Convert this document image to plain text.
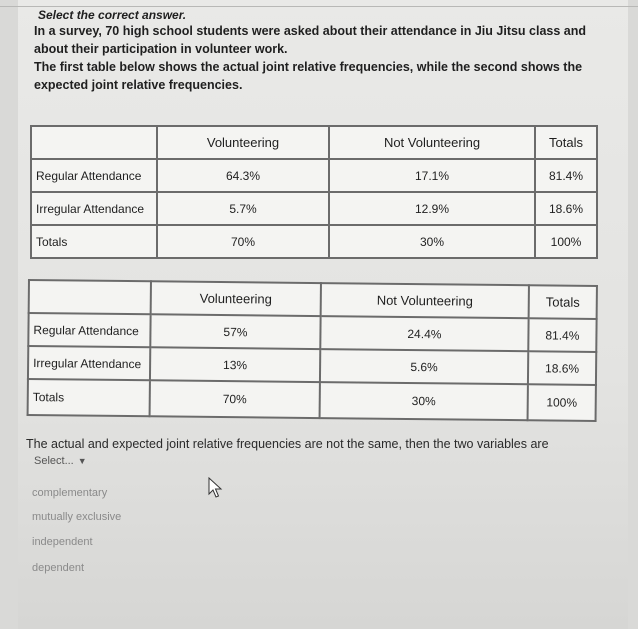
Select the correct answer.

In a survey, 70 high school students were asked about their attendance in Jiu Jitsu class and about their participation in volunteer work.

The first table below shows the actual joint relative frequencies, while the second shows the expected joint relative frequencies.

	Volunteering	Not Volunteering	Totals
Regular Attendance	64.3%	17.1%	81.4%
Irregular Attendance	5.7%	12.9%	18.6%
Totals	70%	30%	100%
	Volunteering	Not Volunteering	Totals
Regular Attendance	57%	24.4%	81.4%
Irregular Attendance	13%	5.6%	18.6%
Totals	70%	30%	100%
The actual and expected joint relative frequencies are not the same, then the two variables are
Select... ▼
complementary
mutually exclusive
independent
dependent
